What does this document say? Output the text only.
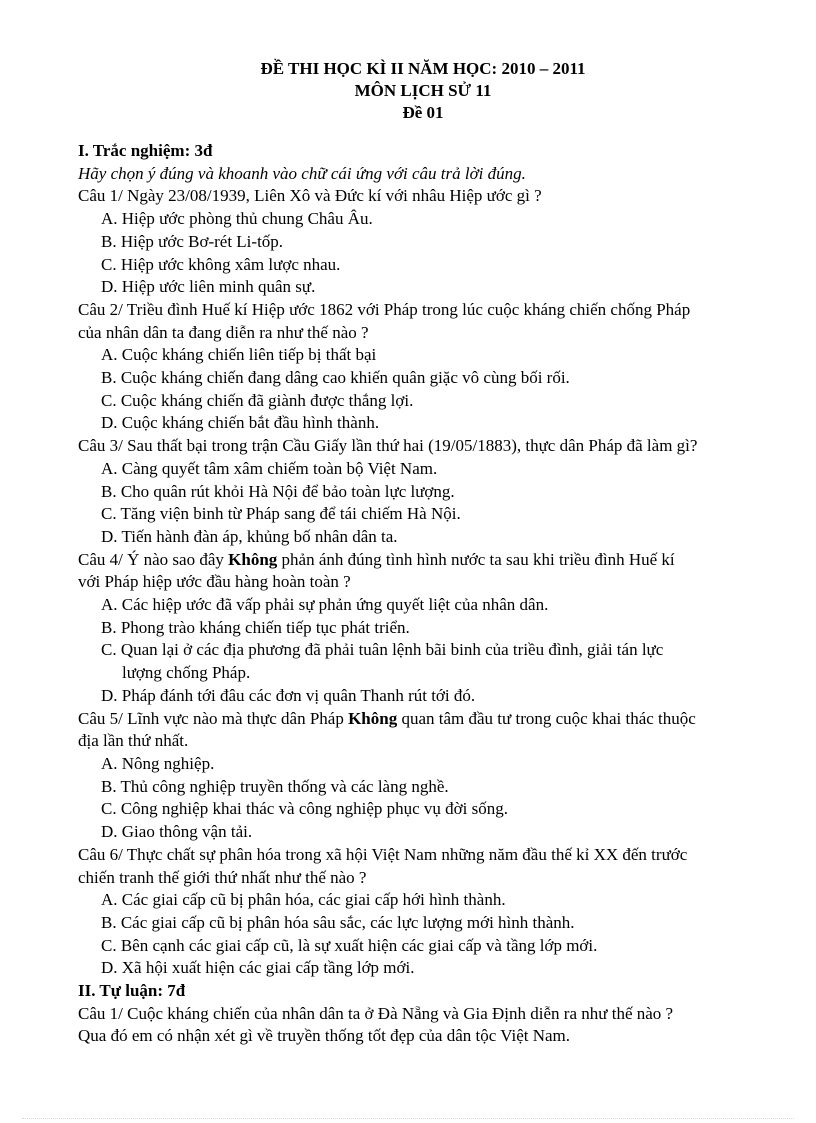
ĐỀ THI HỌC KÌ II NĂM HỌC: 2010 – 2011
MÔN LỊCH SỬ 11
Đề 01
I. Trắc nghiệm: 3đ
Hãy chọn ý đúng và khoanh vào chữ cái ứng với câu trả lời đúng.
Câu 1/ Ngày 23/08/1939, Liên Xô và Đức kí với nhâu Hiệp ước gì ?
A. Hiệp ước phòng thủ chung Châu Âu.
B. Hiệp ước Bơ-rét Li-tốp.
C. Hiệp ước không xâm lược nhau.
D. Hiệp ước liên minh quân sự.
Câu 2/ Triều đình Huế kí Hiệp ước 1862 với Pháp trong lúc cuộc kháng chiến chống Pháp
của nhân dân ta đang diễn ra như thế nào ?
A. Cuộc kháng chiến liên tiếp bị thất bại
B. Cuộc kháng chiến đang dâng cao khiến quân giặc vô cùng bối rối.
C. Cuộc kháng chiến đã giành được thắng lợi.
D. Cuộc kháng chiến bắt đầu hình thành.
Câu 3/ Sau thất bại trong trận Cầu Giấy lần thứ hai (19/05/1883), thực dân Pháp đã làm gì?
A. Càng quyết tâm xâm chiếm toàn bộ Việt Nam.
B. Cho quân rút khỏi Hà Nội để bảo toàn lực lượng.
C. Tăng viện binh từ Pháp sang để tái chiếm Hà Nội.
D. Tiến hành đàn áp, khủng bố nhân dân ta.
Câu 4/ Ý nào sao đây Không phản ánh đúng tình hình nước ta sau khi triều đình Huế kí
với Pháp hiệp ước đầu hàng hoàn toàn ?
A. Các hiệp ước đã vấp phải sự phản ứng quyết liệt của nhân dân.
B. Phong trào kháng chiến tiếp tục phát triển.
C. Quan lại ở các địa phương đã phải tuân lệnh bãi binh của triều đình, giải tán lực
lượng chống Pháp.
D. Pháp đánh tới đâu các đơn vị quân Thanh rút tới đó.
Câu 5/ Lĩnh vực nào mà thực dân Pháp Không quan tâm đầu tư trong cuộc khai thác thuộc
địa lần thứ nhất.
A. Nông nghiệp.
B. Thủ công nghiệp truyền thống và các làng nghề.
C. Công nghiệp khai thác và công nghiệp phục vụ đời sống.
D. Giao thông vận tải.
Câu 6/ Thực chất sự phân hóa trong xã hội Việt Nam những năm đầu thế kỉ XX đến trước
chiến tranh thế giới thứ nhất như thế nào ?
A. Các giai cấp cũ bị phân hóa, các giai cấp hới hình thành.
B. Các giai cấp cũ bị phân hóa sâu sắc, các lực lượng mới hình thành.
C. Bên cạnh các giai cấp cũ, là sự xuất hiện các giai cấp và tầng lớp mới.
D. Xã hội xuất hiện các giai cấp tầng lớp mới.
II. Tự luận: 7đ
Câu 1/ Cuộc kháng chiến của nhân dân ta ở Đà Nẵng và Gia Định diễn ra như thế nào ?
Qua đó em có nhận xét gì về truyền thống tốt đẹp của dân tộc Việt Nam.
